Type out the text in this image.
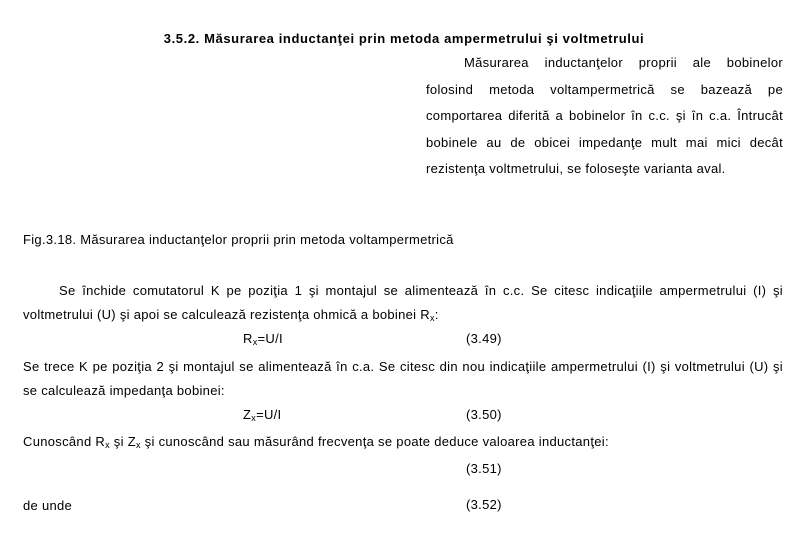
3.5.2. Măsurarea inductanţei prin metoda ampermetrului şi voltmetrului
Măsurarea inductanţelor proprii ale bobinelor folosind metoda voltampermetrică se bazează pe comportarea diferită a bobinelor în c.c. şi în c.a. Întrucât bobinele au de obicei impedanţe mult mai mici decât rezistenţa voltmetrului, se foloseşte varianta aval.
Fig.3.18. Măsurarea inductanţelor proprii prin metoda voltampermetrică
Se închide comutatorul K pe poziţia 1 şi montajul se alimentează în c.c. Se citesc indicaţiile ampermetrului (I) şi voltmetrului (U) şi apoi se calculează rezistenţa ohmică a bobinei $R_x$:
$R_x=U/I$	(3.49)
Se trece K pe poziţia 2 şi montajul se alimentează în c.a. Se citesc din nou indicaţiile ampermetrului (I) şi voltmetrului (U) şi se calculează impedanţa bobinei:
$Z_x=U/I$	(3.50)
Cunoscând $R_x$ şi $Z_x$ şi cunoscând sau măsurând frecvenţa se poate deduce valoarea inductanţei:
(3.51)
de unde	(3.52)
